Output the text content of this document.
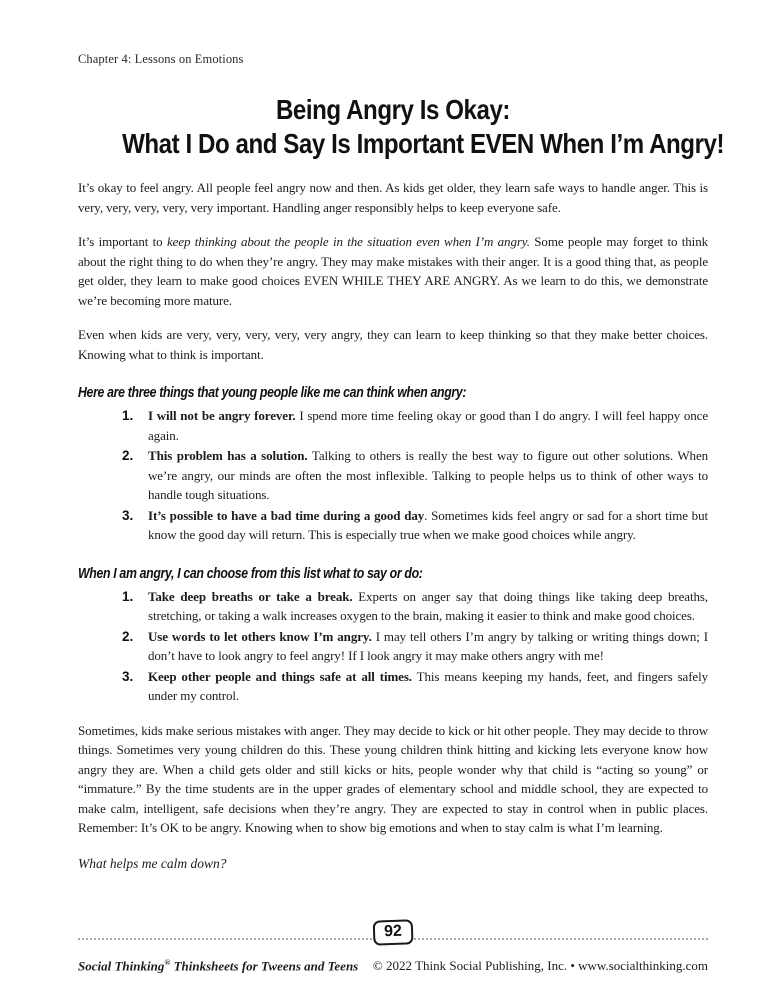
Chapter 4: Lessons on Emotions
Being Angry Is Okay:
What I Do and Say Is Important EVEN When I’m Angry!

It’s okay to feel angry. All people feel angry now and then. As kids get older, they learn safe ways to handle anger. This is very, very, very, very, very important. Handling anger responsibly helps to keep everyone safe.

It’s important to keep thinking about the people in the situation even when I’m angry. Some people may forget to think about the right thing to do when they’re angry. They may make mistakes with their anger. It is a good thing that, as people get older, they learn to make good choices EVEN WHILE THEY ARE ANGRY. As we learn to do this, we demonstrate we’re becoming more mature.

Even when kids are very, very, very, very, very angry, they can learn to keep thinking so that they make better choices. Knowing what to think is important.

Here are three things that young people like me can think when angry:
1.	I will not be angry forever. I spend more time feeling okay or good than I do angry. I will feel happy once again.
2.	This problem has a solution. Talking to others is really the best way to figure out other solutions. When we’re angry, our minds are often the most inflexible. Talking to people helps us to think of other ways to handle tough situations.
3.	It’s possible to have a bad time during a good day. Sometimes kids feel angry or sad for a short time but know the good day will return. This is especially true when we make good choices while angry.
When I am angry, I can choose from this list what to say or do:
1.	Take deep breaths or take a break. Experts on anger say that doing things like taking deep breaths, stretching, or taking a walk increases oxygen to the brain, making it easier to think and make good choices.
2.	Use words to let others know I’m angry. I may tell others I’m angry by talking or writing things down; I don’t have to look angry to feel angry! If I look angry it may make others angry with me!
3.	Keep other people and things safe at all times. This means keeping my hands, feet, and fingers safely under my control.

Sometimes, kids make serious mistakes with anger. They may decide to kick or hit other people. They may decide to throw things. Sometimes very young children do this. These young children think hitting and kicking lets everyone know how angry they are. When a child gets older and still kicks or hits, people wonder why that child is “acting so young” or “immature.” By the time students are in the upper grades of elementary school and middle school, they are expected to make calm, intelligent, safe decisions when they’re angry. They are expected to stay in control when in public places. Remember: It’s OK to be angry. Knowing when to show big emotions and when to stay calm is what I’m learning.

What helps me calm down?
92
Social Thinking® Thinksheets for Tweens and Teens © 2022 Think Social Publishing, Inc. • www.socialthinking.com
